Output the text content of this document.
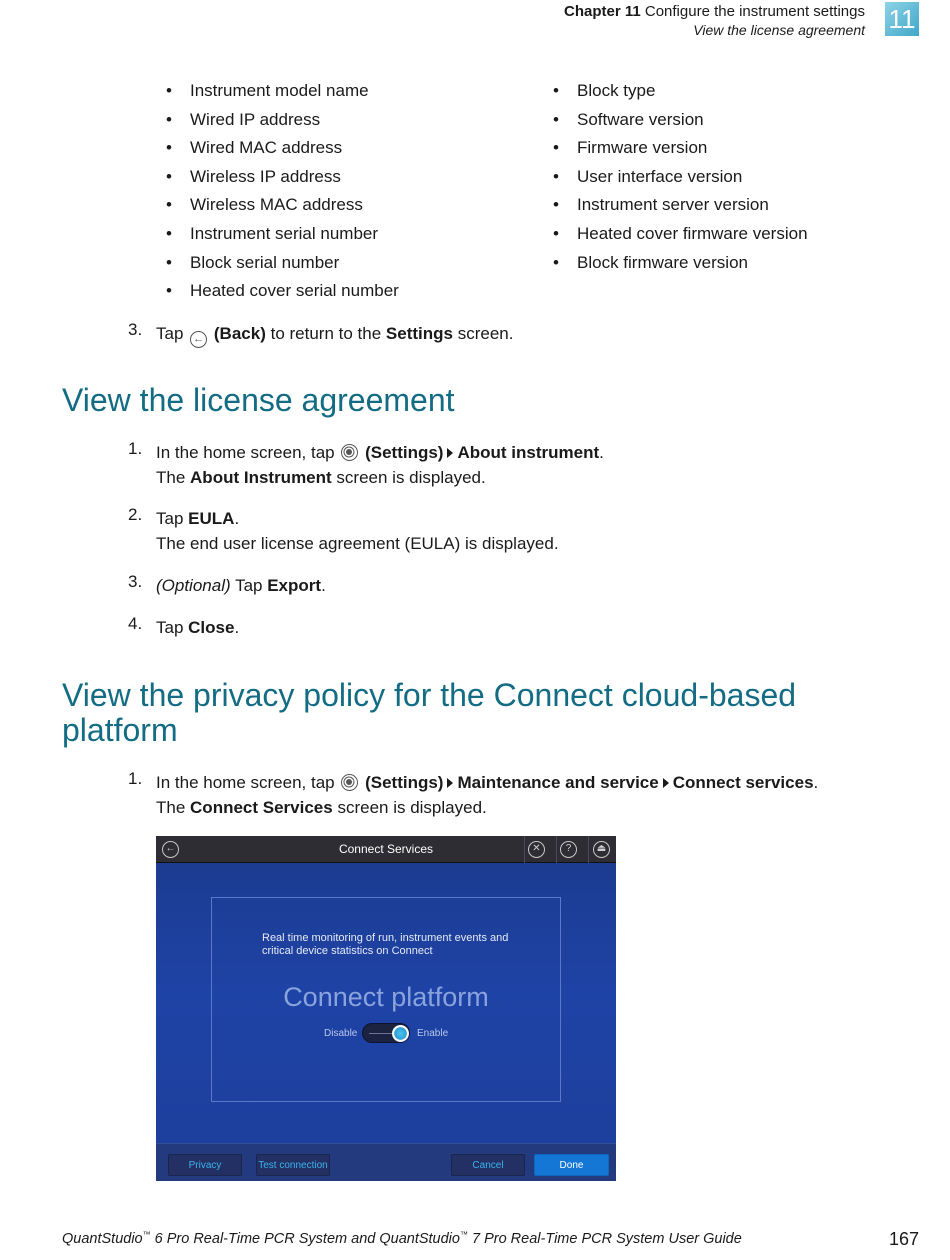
Chapter 11 Configure the instrument settings
View the license agreement 11
• Instrument model name
• Wired IP address
• Wired MAC address
• Wireless IP address
• Wireless MAC address
• Instrument serial number
• Block serial number
• Heated cover serial number
• Block type
• Software version
• Firmware version
• User interface version
• Instrument server version
• Heated cover firmware version
• Block firmware version
3. Tap ← (Back) to return to the Settings screen.
View the license agreement
1. In the home screen, tap (Settings) About instrument.
The About Instrument screen is displayed.
2. Tap EULA.
The end user license agreement (EULA) is displayed.
3. (Optional) Tap Export.
4. Tap Close.
View the privacy policy for the Connect cloud-based
platform
1. In the home screen, tap (Settings) Maintenance and service Connect services.
The Connect Services screen is displayed.
←	Connect Services	✕	?	⏏
Real time monitoring of run, instrument events and
critical device statistics on Connect
Connect platform
Disable	Enable
Privacy	Test connection	Cancel	Done
QuantStudio™ 6 Pro Real-Time PCR System and QuantStudio™ 7 Pro Real-Time PCR System User Guide	167
